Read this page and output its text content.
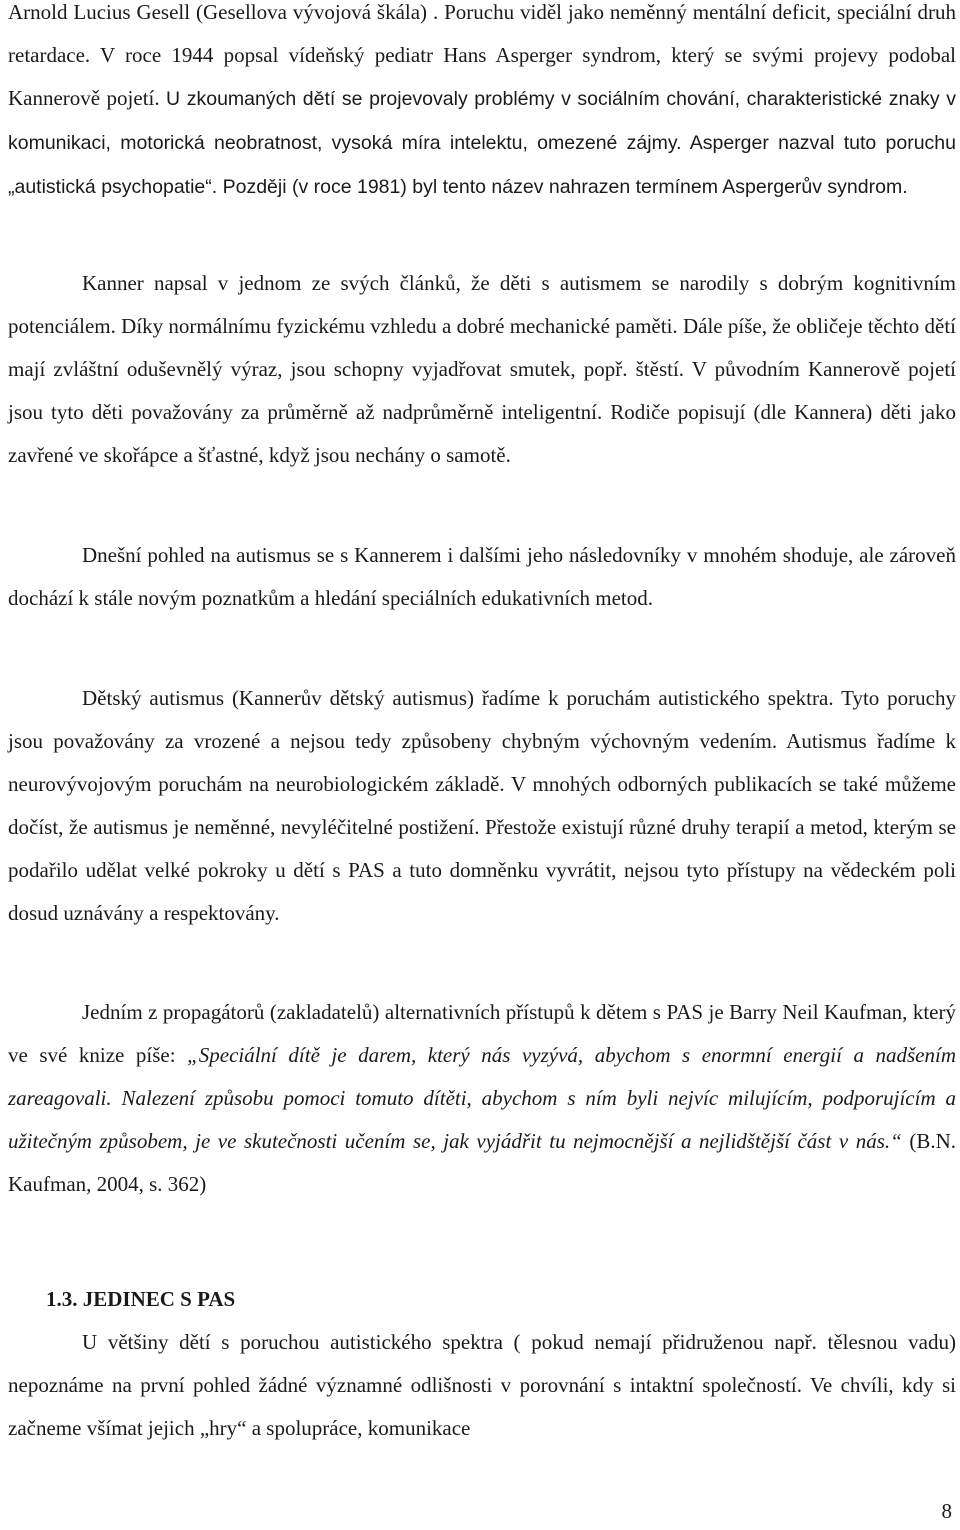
Arnold Lucius Gesell (Gesellova vývojová škála) . Poruchu viděl jako neměnný mentální deficit, speciální druh retardace. V roce 1944 popsal vídeňský pediatr Hans Asperger syndrom, který se svými projevy podobal Kannerově pojetí. U zkoumaných dětí se projevovaly problémy v sociálním chování, charakteristické znaky v komunikaci, motorická neobratnost, vysoká míra intelektu, omezené zájmy. Asperger nazval tuto poruchu „autistická psychopatie“. Později (v roce 1981) byl tento název nahrazen termínem Aspergerův syndrom.

Kanner napsal v jednom ze svých článků, že děti s autismem se narodily s dobrým kognitivním potenciálem. Díky normálnímu fyzickému vzhledu a dobré mechanické paměti. Dále píše, že obličeje těchto dětí mají zvláštní oduševnělý výraz, jsou schopny vyjadřovat smutek, popř. štěstí. V původním Kannerově pojetí jsou tyto děti považovány za průměrně až nadprůměrně inteligentní. Rodiče popisují (dle Kannera) děti jako zavřené ve skořápce a šťastné, když jsou nechány o samotě.

Dnešní pohled na autismus se s Kannerem i dalšími jeho následovníky v mnohém shoduje, ale zároveň dochází k stále novým poznatkům a hledání speciálních edukativních metod.

Dětský autismus (Kannerův dětský autismus) řadíme k poruchám autistického spektra. Tyto poruchy jsou považovány za vrozené a nejsou tedy způsobeny chybným výchovným vedením. Autismus řadíme k neurovývojovým poruchám na neurobiologickém základě. V mnohých odborných publikacích se také můžeme dočíst, že autismus je neměnné, nevyléčitelné postižení. Přestože existují různé druhy terapií a metod, kterým se podařilo udělat velké pokroky u dětí s PAS a tuto domněnku vyvrátit, nejsou tyto přístupy na vědeckém poli dosud uznávány a respektovány.

Jedním z propagátorů (zakladatelů) alternativních přístupů k dětem s PAS je Barry Neil Kaufman, který ve své knize píše: „Speciální dítě je darem, který nás vyzývá, abychom s enormní energií a nadšením zareagovali. Nalezení způsobu pomoci tomuto dítěti, abychom s ním byli nejvíc milujícím, podporujícím a užitečným způsobem, je ve skutečnosti učením se, jak vyjádřit tu nejmocnější a nejlidštější část v nás.“ (B.N. Kaufman, 2004, s. 362)

1.3. JEDINEC S PAS

U většiny dětí s poruchou autistického spektra ( pokud nemají přidruženou např. tělesnou vadu) nepoznáme na první pohled žádné významné odlišnosti v porovnání s intaktní společností. Ve chvíli, kdy si začneme všímat jejich „hry“ a spolupráce, komunikace

8
